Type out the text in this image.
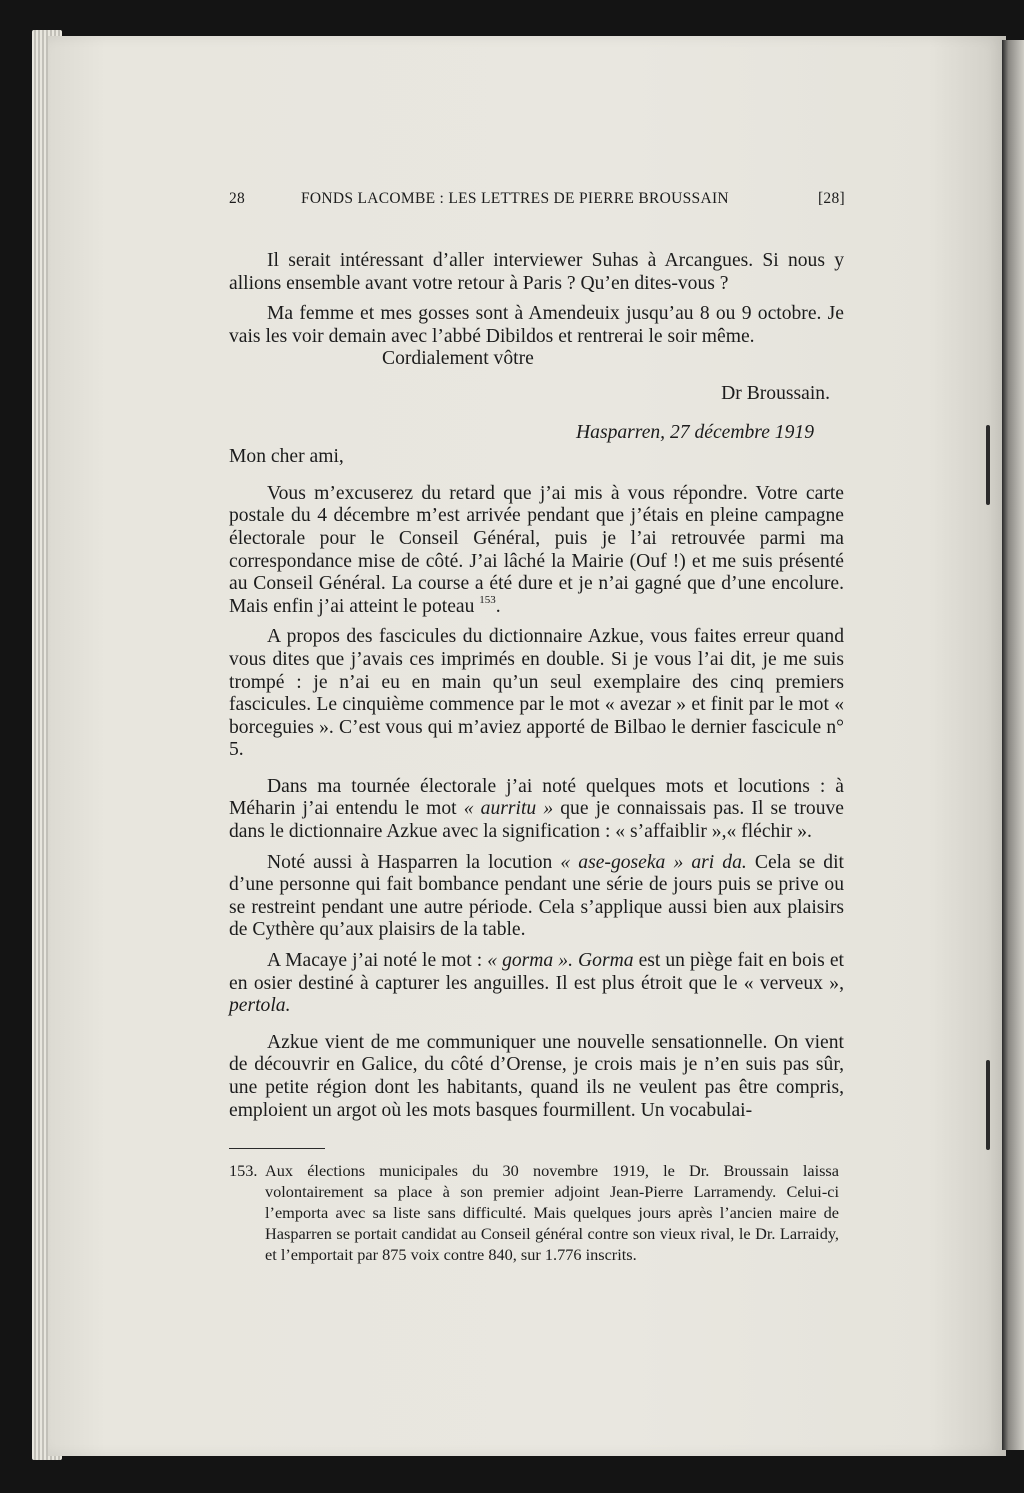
28	FONDS LACOMBE : LES LETTRES DE PIERRE BROUSSAIN	[28]

Il serait intéressant d’aller interviewer Suhas à Arcangues. Si nous y allions ensemble avant votre retour à Paris ? Qu’en dites-vous ?

Ma femme et mes gosses sont à Amendeuix jusqu’au 8 ou 9 octobre. Je vais les voir demain avec l’abbé Dibildos et rentrerai le soir même.

Cordialement vôtre

Dr Broussain.

Hasparren, 27 décembre 1919

Mon cher ami,

Vous m’excuserez du retard que j’ai mis à vous répondre. Votre carte postale du 4 décembre m’est arrivée pendant que j’étais en pleine campagne électorale pour le Conseil Général, puis je l’ai retrouvée parmi ma correspondance mise de côté. J’ai lâché la Mairie (Ouf !) et me suis présenté au Conseil Général. La course a été dure et je n’ai gagné que d’une encolure. Mais enfin j’ai atteint le poteau $^{153}$.

A propos des fascicules du dictionnaire Azkue, vous faites erreur quand vous dites que j’avais ces imprimés en double. Si je vous l’ai dit, je me suis trompé : je n’ai eu en main qu’un seul exemplaire des cinq premiers fascicules. Le cinquième commence par le mot « avezar » et finit par le mot « borceguies ». C’est vous qui m’aviez apporté de Bilbao le dernier fascicule n° 5.

Dans ma tournée électorale j’ai noté quelques mots et locutions : à Méharin j’ai entendu le mot « aurritu » que je connaissais pas. Il se trouve dans le dictionnaire Azkue avec la signification : « s’affaiblir »,« fléchir ».

Noté aussi à Hasparren la locution « ase-goseka » ari da. Cela se dit d’une personne qui fait bombance pendant une série de jours puis se prive ou se restreint pendant une autre période. Cela s’applique aussi bien aux plaisirs de Cythère qu’aux plaisirs de la table.

A Macaye j’ai noté le mot : « gorma ». Gorma est un piège fait en bois et en osier destiné à capturer les anguilles. Il est plus étroit que le « verveux », pertola.

Azkue vient de me communiquer une nouvelle sensationnelle. On vient de découvrir en Galice, du côté d’Orense, je crois mais je n’en suis pas sûr, une petite région dont les habitants, quand ils ne veulent pas être compris, emploient un argot où les mots basques fourmillent. Un vocabulai-

153. Aux élections municipales du 30 novembre 1919, le Dr. Broussain laissa volontairement sa place à son premier adjoint Jean-Pierre Larramendy. Celui-ci l’emporta avec sa liste sans difficulté. Mais quelques jours après l’ancien maire de Hasparren se portait candidat au Conseil général contre son vieux rival, le Dr. Larraidy, et l’emportait par 875 voix contre 840, sur 1.776 inscrits.
